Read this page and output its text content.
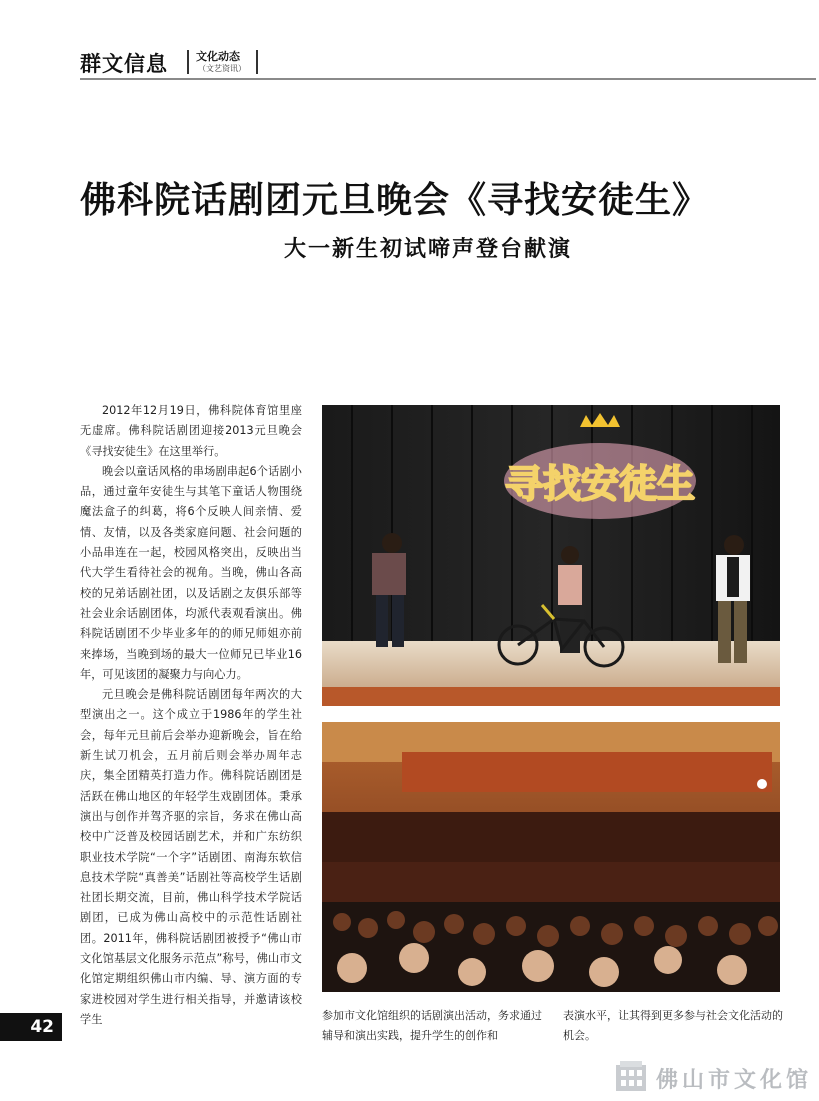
群文信息	文化动态
（文艺资讯）
佛科院话剧团元旦晚会《寻找安徒生》
大一新生初试啼声登台献演

2012年12月19日，佛科院体育馆里座无虚席。佛科院话剧团迎接2013元旦晚会《寻找安徒生》在这里举行。

晚会以童话风格的串场剧串起6个话剧小品，通过童年安徒生与其笔下童话人物围绕魔法盒子的纠葛，将6个反映人间亲情、爱情、友情，以及各类家庭问题、社会问题的小品串连在一起，校园风格突出，反映出当代大学生看待社会的视角。当晚，佛山各高校的兄弟话剧社团，以及话剧之友俱乐部等社会业余话剧团体，均派代表观看演出。佛科院话剧团不少毕业多年的的师兄师姐亦前来捧场，当晚到场的最大一位师兄已毕业16年，可见该团的凝聚力与向心力。

元旦晚会是佛科院话剧团每年两次的大型演出之一。这个成立于1986年的学生社会，每年元旦前后会举办迎新晚会，旨在给新生试刀机会，五月前后则会举办周年志庆，集全团精英打造力作。佛科院话剧团是活跃在佛山地区的年轻学生戏剧团体。秉承演出与创作并驾齐驱的宗旨，务求在佛山高校中广泛普及校园话剧艺术，并和广东纺织职业技术学院“一个字”话剧团、南海东软信息技术学院“真善美”话剧社等高校学生话剧社团长期交流，目前，佛山科学技术学院话剧团，已成为佛山高校中的示范性话剧社团。2011年，佛科院话剧团被授予“佛山市文化馆基层文化服务示范点”称号，佛山市文化馆定期组织佛山市内编、导、演方面的专家进校园对学生进行相关指导，并邀请该校学生

寻找安徒生
参加市文化馆组织的话剧演出活动，务求通过辅导和演出实践，提升学生的创作和
表演水平，让其得到更多参与社会文化活动的机会。
42
佛山市文化馆
